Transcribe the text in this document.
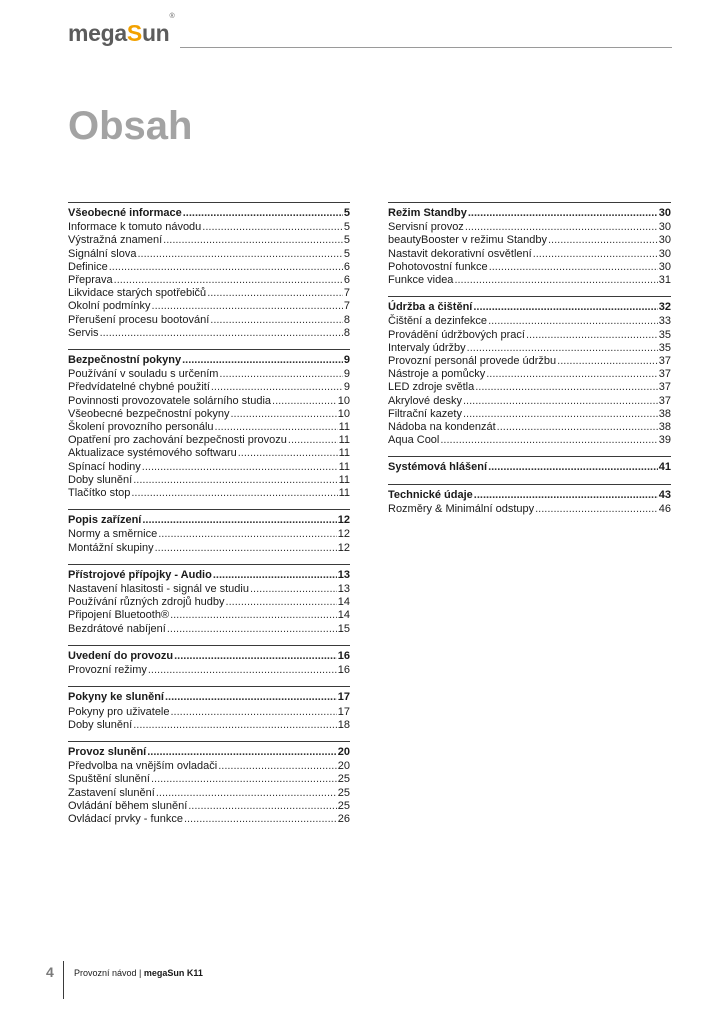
megaSun®
Obsah
Všeobecné informace .....	5
Informace k tomuto návodu .....	5
Výstražná znamení .....	5
Signální slova .....	5
Definice .....	6
Přeprava .....	6
Likvidace starých spotřebičů .....	7
Okolní podmínky .....	7
Přerušení procesu bootování .....	8
Servis .....	8
Bezpečnostní pokyny .....	9
Používání v souladu s určením .....	9
Předvídatelné chybné použití .....	9
Povinnosti provozovatele solárního studia .....	10
Všeobecné bezpečnostní pokyny .....	10
Školení provozního personálu .....	11
Opatření pro zachování bezpečnosti provozu .....	11
Aktualizace systémového softwaru .....	11
Spínací hodiny .....	11
Doby slunění .....	11
Tlačítko stop .....	11
Popis zařízení .....	12
Normy a směrnice .....	12
Montážní skupiny .....	12
Přístrojové přípojky - Audio .....	13
Nastavení hlasitosti - signál ve studiu .....	13
Používání různých zdrojů hudby .....	14
Připojení Bluetooth® .....	14
Bezdrátové nabíjení .....	15
Uvedení do provozu .....	16
Provozní režimy .....	16
Pokyny ke slunění .....	17
Pokyny pro uživatele .....	17
Doby slunění .....	18
Provoz slunění .....	20
Předvolba na vnějším ovladači .....	20
Spuštění slunění .....	25
Zastavení slunění .....	25
Ovládání během slunění .....	25
Ovládací prvky - funkce .....	26
Režim Standby .....	30
Servisní provoz .....	30
beautyBooster v režimu Standby .....	30
Nastavit dekorativní osvětlení .....	30
Pohotovostní funkce .....	30
Funkce videa .....	31
Údržba a čištění .....	32
Čištění a dezinfekce .....	33
Provádění údržbových prací .....	35
Intervaly údržby .....	35
Provozní personál provede údržbu .....	37
Nástroje a pomůcky .....	37
LED zdroje světla .....	37
Akrylové desky .....	37
Filtrační kazety .....	38
Nádoba na kondenzát .....	38
Aqua Cool .....	39
Systémová hlášení .....	41
Technické údaje .....	43
Rozměry & Minimální odstupy .....	46
4 Provozní návod | megaSun K11
